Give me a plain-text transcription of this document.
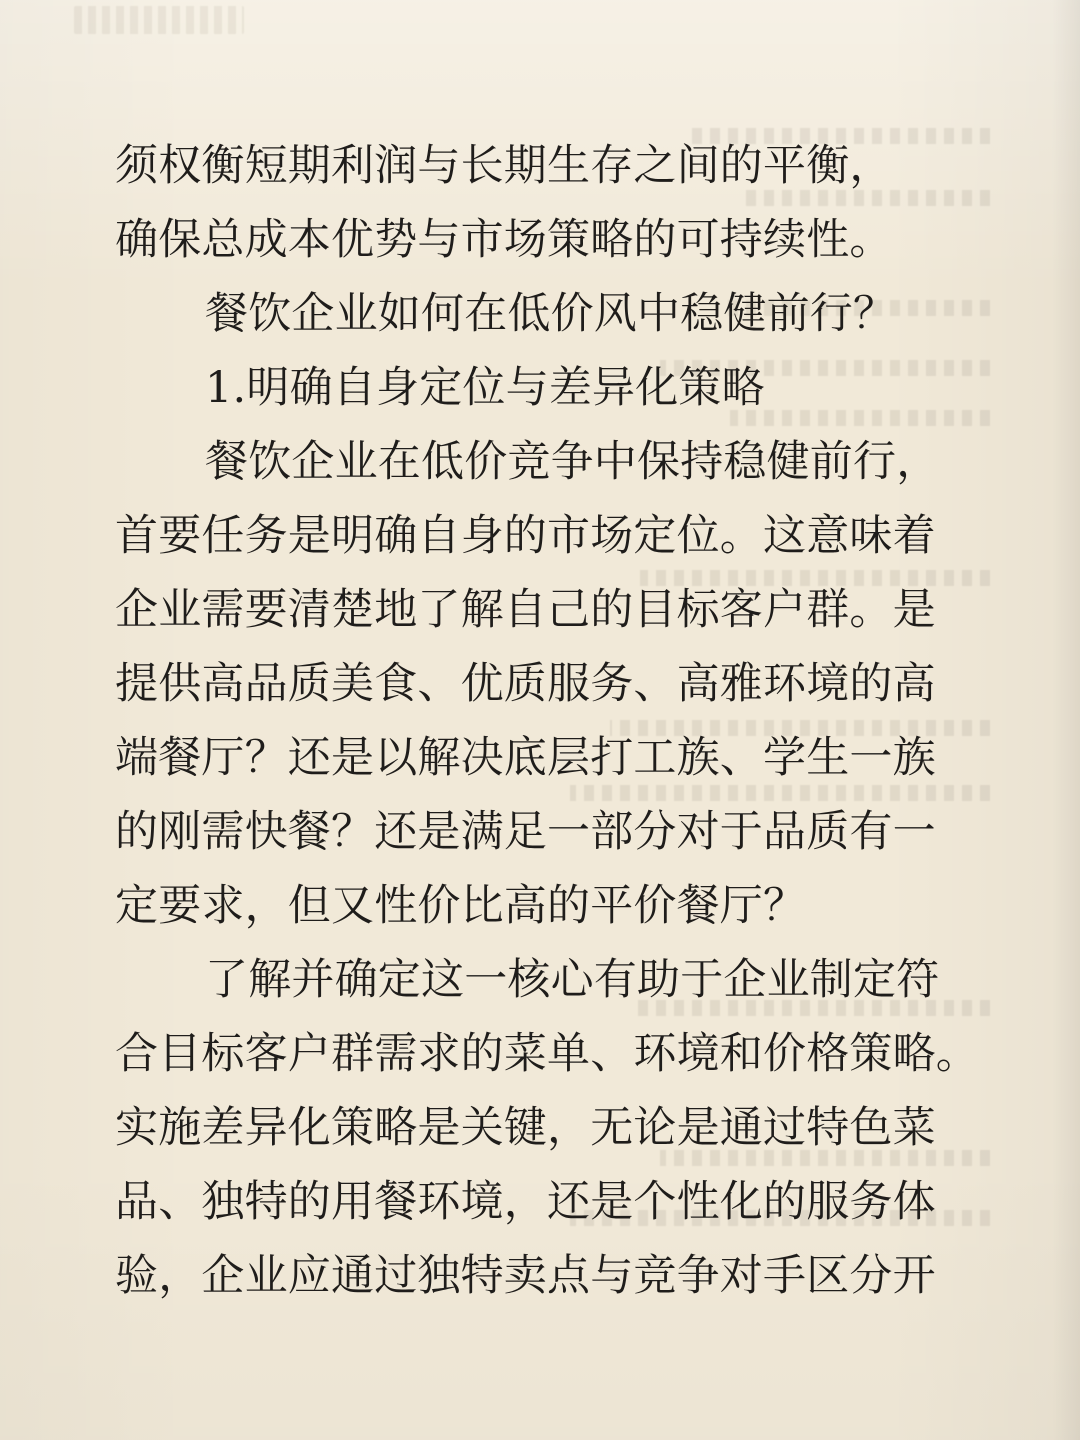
须权衡短期利润与长期生存之间的平衡，
确保总成本优势与市场策略的可持续性。
餐饮企业如何在低价风中稳健前行？
1.明确自身定位与差异化策略
餐饮企业在低价竞争中保持稳健前行，
首要任务是明确自身的市场定位。这意味着
企业需要清楚地了解自己的目标客户群。是
提供高品质美食、优质服务、高雅环境的高
端餐厅？还是以解决底层打工族、学生一族
的刚需快餐？还是满足一部分对于品质有一
定要求，但又性价比高的平价餐厅？
了解并确定这一核心有助于企业制定符
合目标客户群需求的菜单、环境和价格策略。
实施差异化策略是关键，无论是通过特色菜
品、独特的用餐环境，还是个性化的服务体
验，企业应通过独特卖点与竞争对手区分开
